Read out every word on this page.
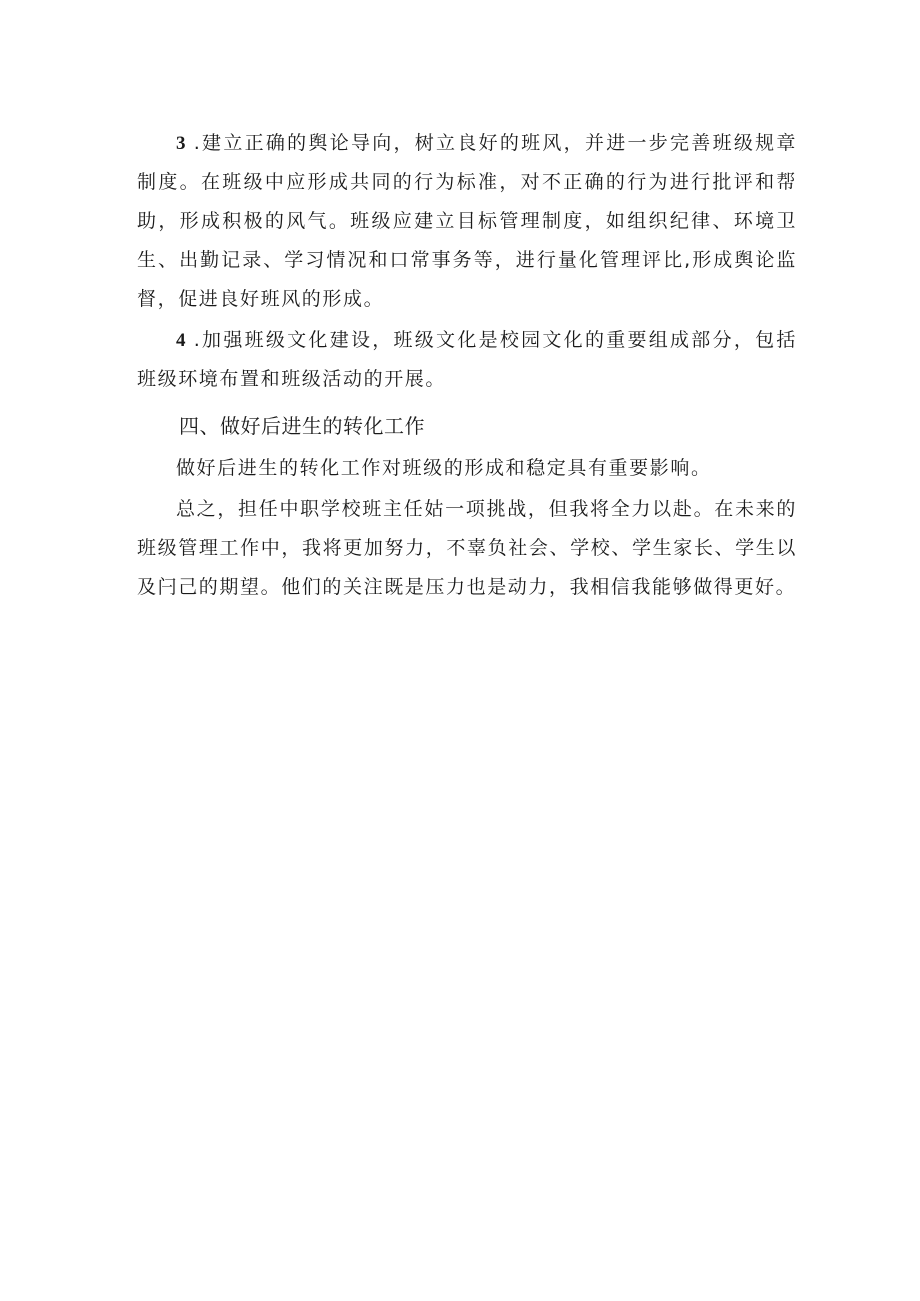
3 .建立正确的舆论导向，树立良好的班风，并进一步完善班级规章制度。在班级中应形成共同的行为标准，对不正确的行为进行批评和帮助，形成积极的风气。班级应建立目标管理制度，如组织纪律、环境卫生、出勤记录、学习情况和口常事务等，进行量化管理评比,形成舆论监督，促进良好班风的形成。

4 .加强班级文化建设，班级文化是校园文化的重要组成部分，包括班级环境布置和班级活动的开展。

四、做好后进生的转化工作

做好后进生的转化工作对班级的形成和稳定具有重要影响。

总之，担任中职学校班主任姑一项挑战，但我将全力以赴。在未来的班级管理工作中，我将更加努力，不辜负社会、学校、学生家长、学生以及闩己的期望。他们的关注既是压力也是动力，我相信我能够做得更好。
